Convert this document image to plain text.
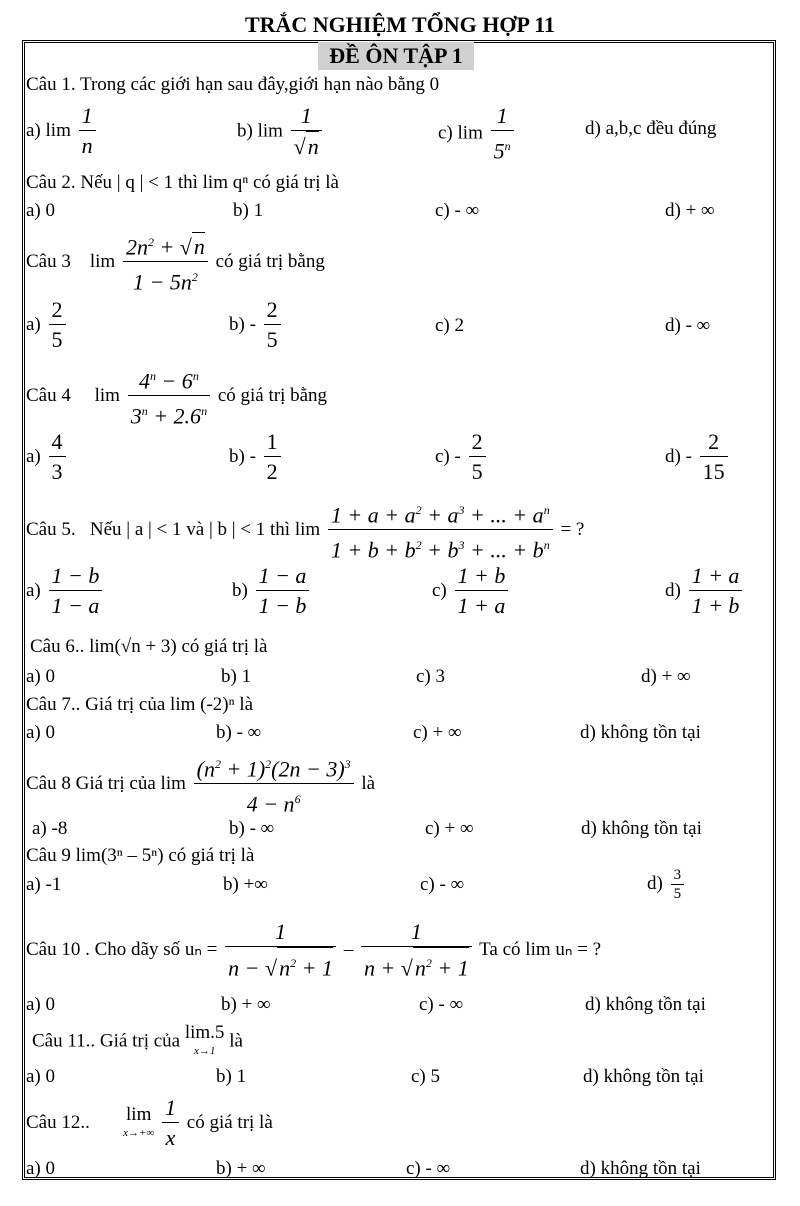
TRẮC NGHIỆM TỔNG HỢP 11
ĐỀ ÔN TẬP 1
Câu 1. Trong các giới hạn sau đây,giới hạn nào bằng 0
a) $\lim \frac{1}{n}$	b) $\lim \frac{1}{√n}$	c) $\lim \frac{1}{5^n}$	d) a,b,c đều đúng
Câu 2. Nếu | q | < 1 thì lim qⁿ có giá trị là
a) 0	b) 1	c) - ∞	d) + ∞
Câu 3 $\lim \frac{2n^2 + √n}{1 - 5n^2}$ có giá trị bằng
$a) \frac{2}{5}$	$b) - \frac{2}{5}$	c) 2	d) - ∞
Câu 4 $\lim \frac{4^n - 6^n}{3^n + 2.6^n}$ có giá trị bằng
$a) \frac{4}{3}$	$b) - \frac{1}{2}$	$c) - \frac{2}{5}$	$d) - \frac{2}{15}$
Câu 5. Nếu | a | < 1 và | b | < 1 thì $\lim \frac{1 + a + a^2 + a^3 + ... + a^n}{1 + b + b^2 + b^3 + ... + b^n}$ = ?
$a) \frac{1 - b}{1 - a}$	$b) \frac{1 - a}{1 - b}$	$c) \frac{1 + b}{1 + a}$	$d) \frac{1 + a}{1 + b}$
Câu 6.. lim(√n + 3) có giá trị là
a) 0	b) 1	c) 3	d) + ∞
Câu 7.. Giá trị của lim (-2)ⁿ là
a) 0	b) - ∞	c) + ∞	d) không tồn tại
Câu 8 Giá trị của $\lim \frac{(n^2 + 1)^2(2n - 3)^3}{4 - n^6}$ là
a) -8	b) - ∞	c) + ∞	d) không tồn tại
Câu 9 lim(3ⁿ – 5ⁿ) có giá trị là
a) -1	b) +∞	c) - ∞	$d) \frac{3}{5}$
Câu 10 . Cho dãy số $u_n = \frac{1}{n - √n^2 + 1} - \frac{1}{n + √n^2 + 1}$ Ta có lim uₙ = ?
a) 0	b) + ∞	c) - ∞	d) không tồn tại
Câu 11.. Giá trị của lim.5
x→1 là
a) 0	b) 1	c) 5	d) không tồn tại
Câu 12.. lim
x→+∞
$\frac{1}{x}$ có giá trị là
a) 0	b) + ∞	c) - ∞	d) không tồn tại
